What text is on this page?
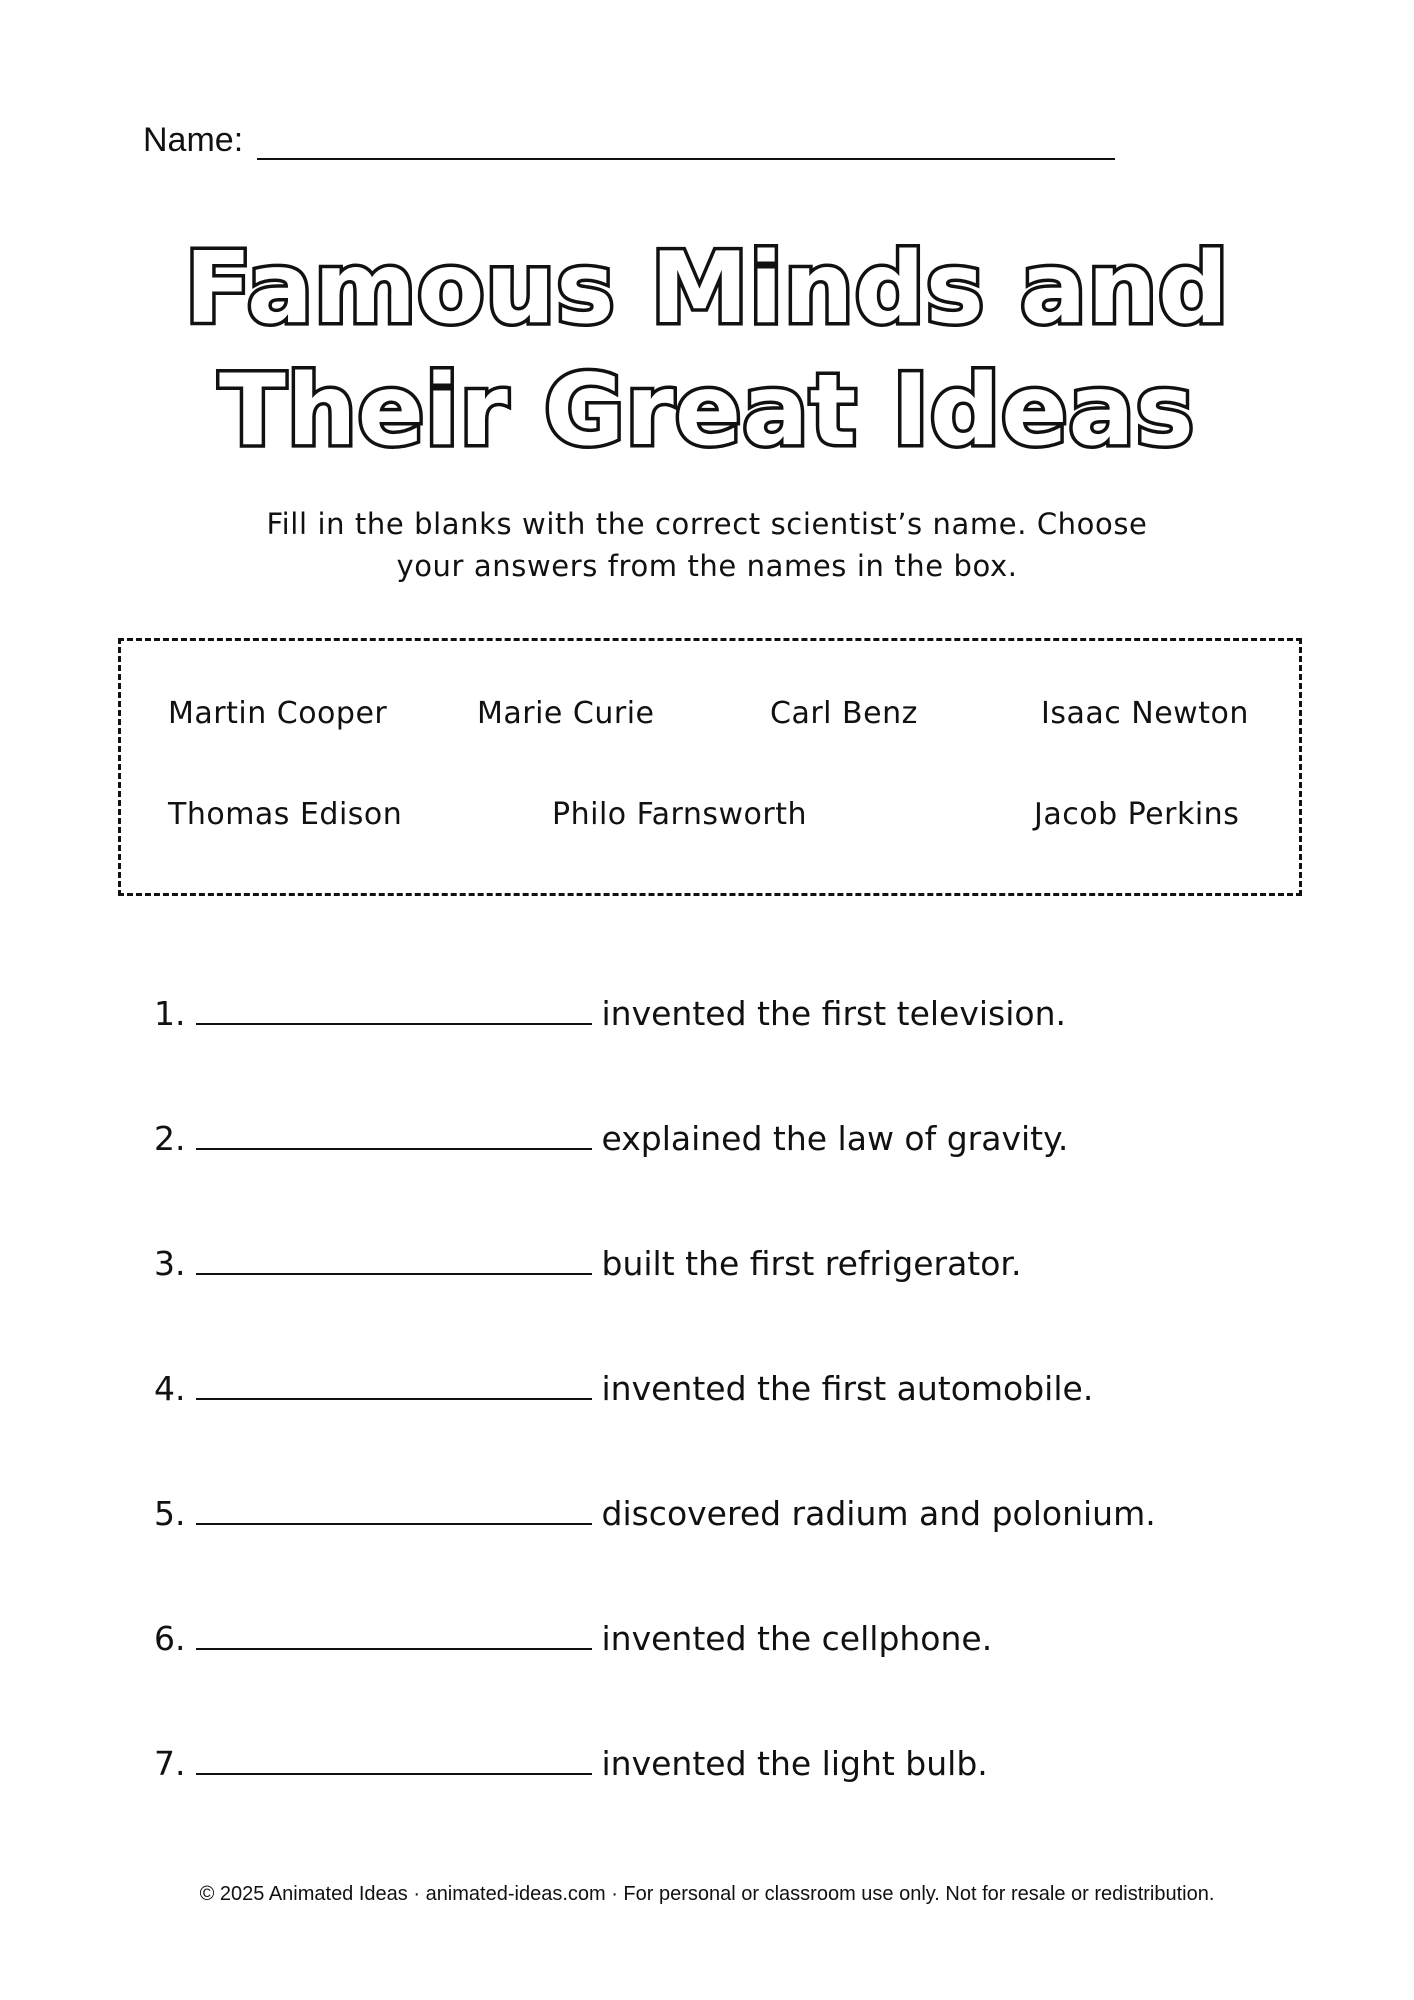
Name:
Famous Minds and
Their Great Ideas
Fill in the blanks with the correct scientist’s name. Choose
your answers from the names in the box.
Martin Cooper	Marie Curie	Carl Benz	Isaac Newton
Thomas Edison	Philo Farnsworth	Jacob Perkins
1.	invented the first television.
2.	explained the law of gravity.
3.	built the first refrigerator.
4.	invented the first automobile.
5.	discovered radium and polonium.
6.	invented the cellphone.
7.	invented the light bulb.
© 2025 Animated Ideas · animated-ideas.com · For personal or classroom use only. Not for resale or redistribution.
